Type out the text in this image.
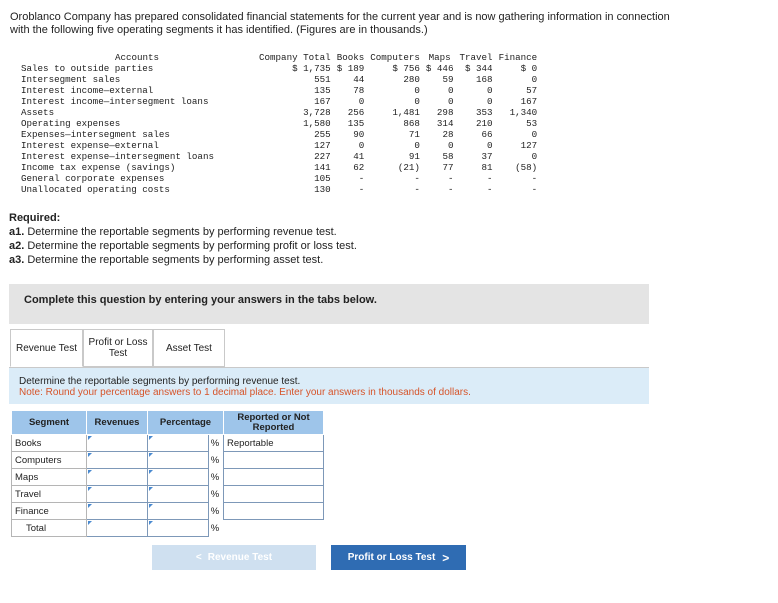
Oroblanco Company has prepared consolidated financial statements for the current year and is now gathering information in connection with the following five operating segments it has identified. (Figures are in thousands.)
Accounts	Company Total	Books	Computers	Maps	Travel	Finance
Sales to outside parties	$ 1,735	$ 189	$ 756	$ 446	$ 344	$ 0
Intersegment sales	551	44	280	59	168	0
Interest income—external	135	78	0	0	0	57
Interest income—intersegment loans	167	0	0	0	0	167
Assets	3,728	256	1,481	298	353	1,340
Operating expenses	1,580	135	868	314	210	53
Expenses—intersegment sales	255	90	71	28	66	0
Interest expense—external	127	0	0	0	0	127
Interest expense—intersegment loans	227	41	91	58	37	0
Income tax expense (savings)	141	62	(21)	77	81	(58)
General corporate expenses	105	-	-	-	-	-
Unallocated operating costs	130	-	-	-	-	-
Required:
a1. Determine the reportable segments by performing revenue test.
a2. Determine the reportable segments by performing profit or loss test.
a3. Determine the reportable segments by performing asset test.
Complete this question by entering your answers in the tabs below.
Revenue Test	Profit or Loss Test	Asset Test
Determine the reportable segments by performing revenue test.
Note: Round your percentage answers to 1 decimal place. Enter your answers in thousands of dollars.
Segment	Revenues	Percentage		Reported or Not Reported
Books			%	Reportable
Computers			%	
Maps			%	
Travel			%	
Finance			%	
Total			%	
< Revenue Test	Profit or Loss Test >
